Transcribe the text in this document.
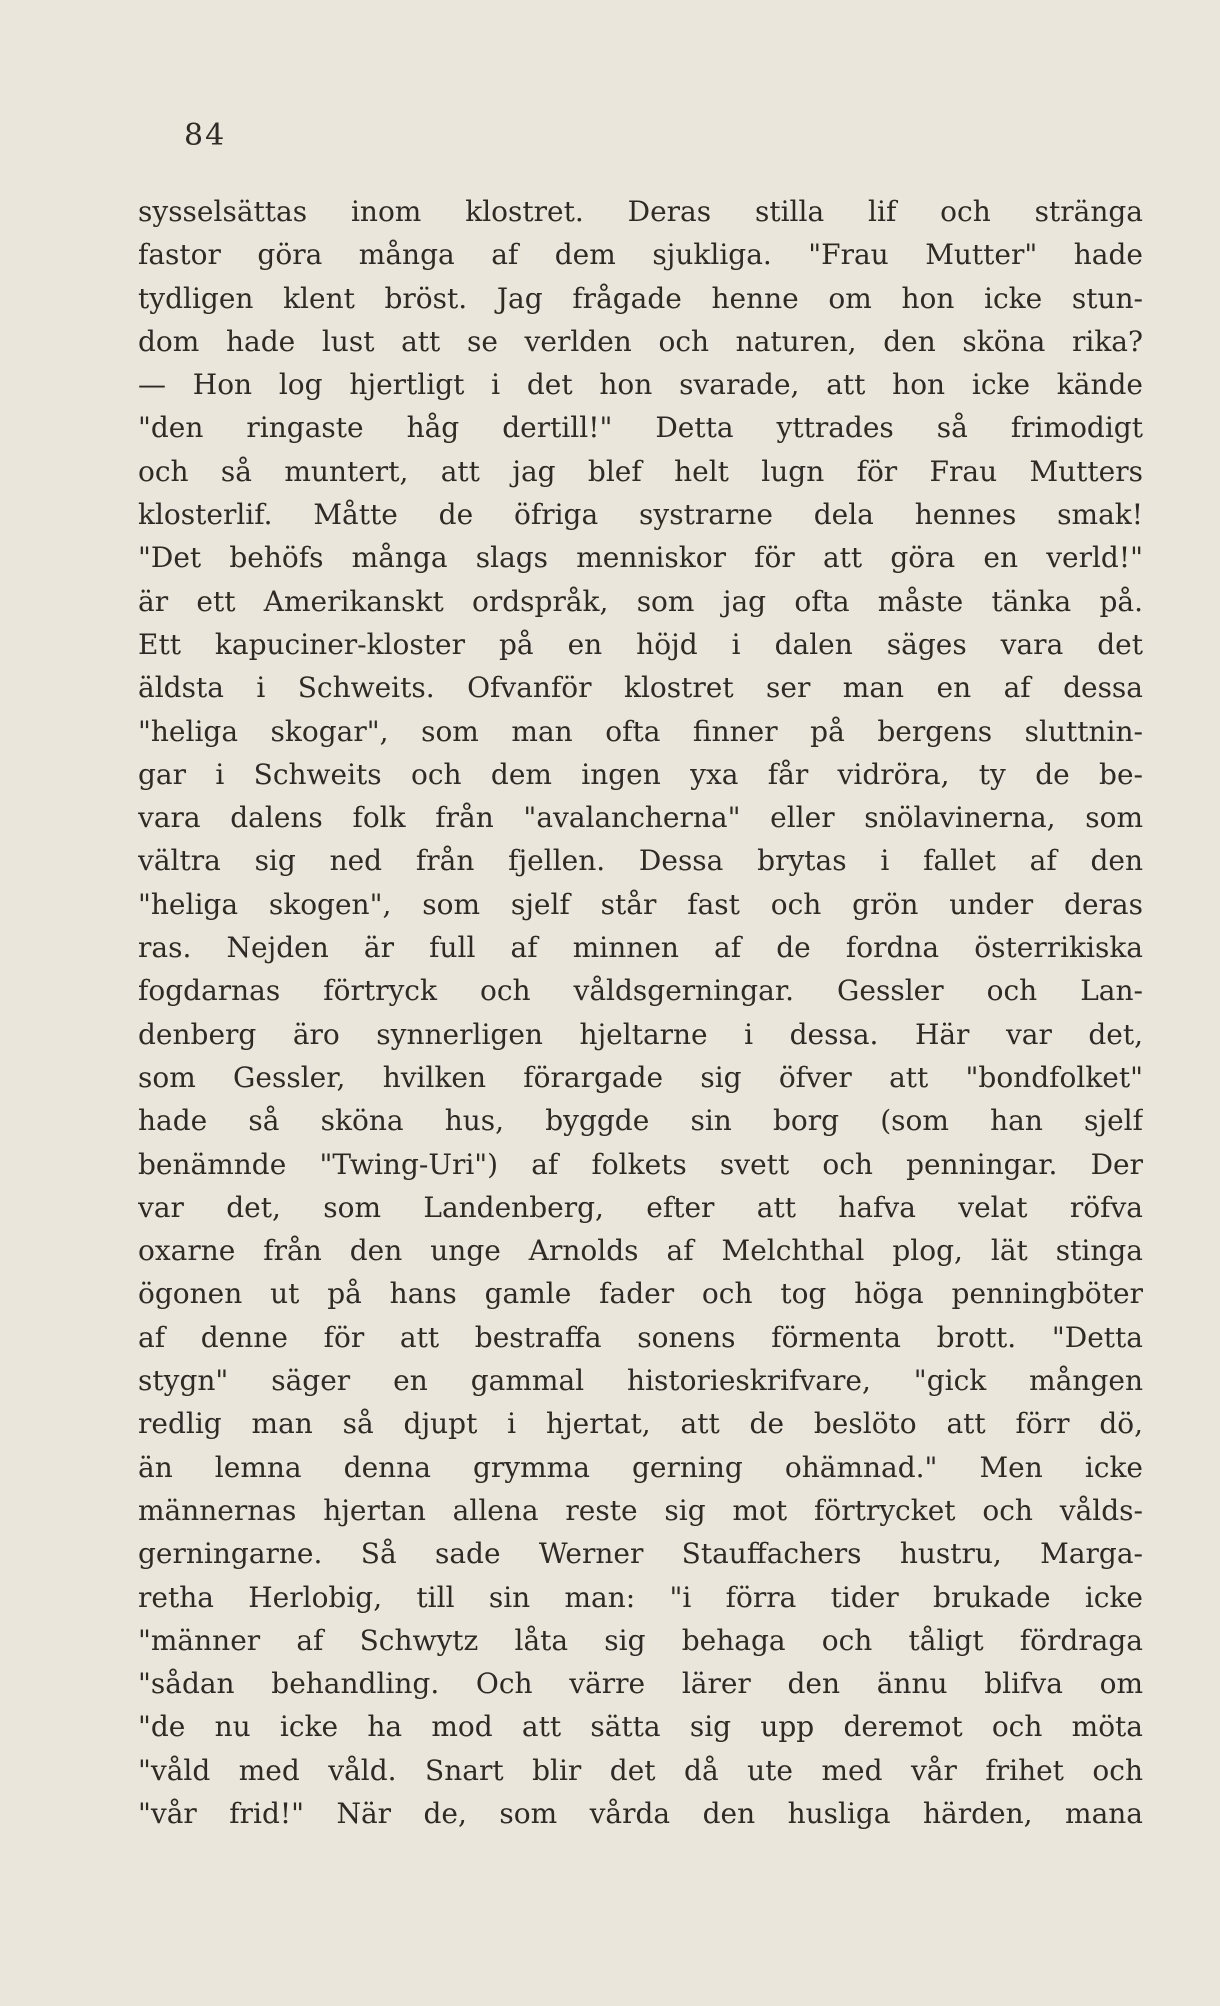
84
sysselsättas inom klostret. Deras stilla lif och stränga
fastor göra många af dem sjukliga. "Frau Mutter" hade
tydligen klent bröst. Jag frågade henne om hon icke stun-
dom hade lust att se verlden och naturen, den sköna rika?
— Hon log hjertligt i det hon svarade, att hon icke kände
"den ringaste håg dertill!" Detta yttrades så frimodigt
och så muntert, att jag blef helt lugn för Frau Mutters
klosterlif. Måtte de öfriga systrarne dela hennes smak!
"Det behöfs många slags menniskor för att göra en verld!"
är ett Amerikanskt ordspråk, som jag ofta måste tänka på.
Ett kapuciner-kloster på en höjd i dalen säges vara det
äldsta i Schweits. Ofvanför klostret ser man en af dessa
"heliga skogar", som man ofta finner på bergens sluttnin-
gar i Schweits och dem ingen yxa får vidröra, ty de be-
vara dalens folk från "avalancherna" eller snölavinerna, som
vältra sig ned från fjellen. Dessa brytas i fallet af den
"heliga skogen", som sjelf står fast och grön under deras
ras. Nejden är full af minnen af de fordna österrikiska
fogdarnas förtryck och våldsgerningar. Gessler och Lan-
denberg äro synnerligen hjeltarne i dessa. Här var det,
som Gessler, hvilken förargade sig öfver att "bondfolket"
hade så sköna hus, byggde sin borg (som han sjelf
benämnde "Twing-Uri") af folkets svett och penningar. Der
var det, som Landenberg, efter att hafva velat röfva
oxarne från den unge Arnolds af Melchthal plog, lät stinga
ögonen ut på hans gamle fader och tog höga penningböter
af denne för att bestraffa sonens förmenta brott. "Detta
stygn" säger en gammal historieskrifvare, "gick mången
redlig man så djupt i hjertat, att de beslöto att förr dö,
än lemna denna grymma gerning ohämnad." Men icke
männernas hjertan allena reste sig mot förtrycket och vålds-
gerningarne. Så sade Werner Stauffachers hustru, Marga-
retha Herlobig, till sin man: "i förra tider brukade icke
"männer af Schwytz låta sig behaga och tåligt fördraga
"sådan behandling. Och värre lärer den ännu blifva om
"de nu icke ha mod att sätta sig upp deremot och möta
"våld med våld. Snart blir det då ute med vår frihet och
"vår frid!" När de, som vårda den husliga härden, mana
